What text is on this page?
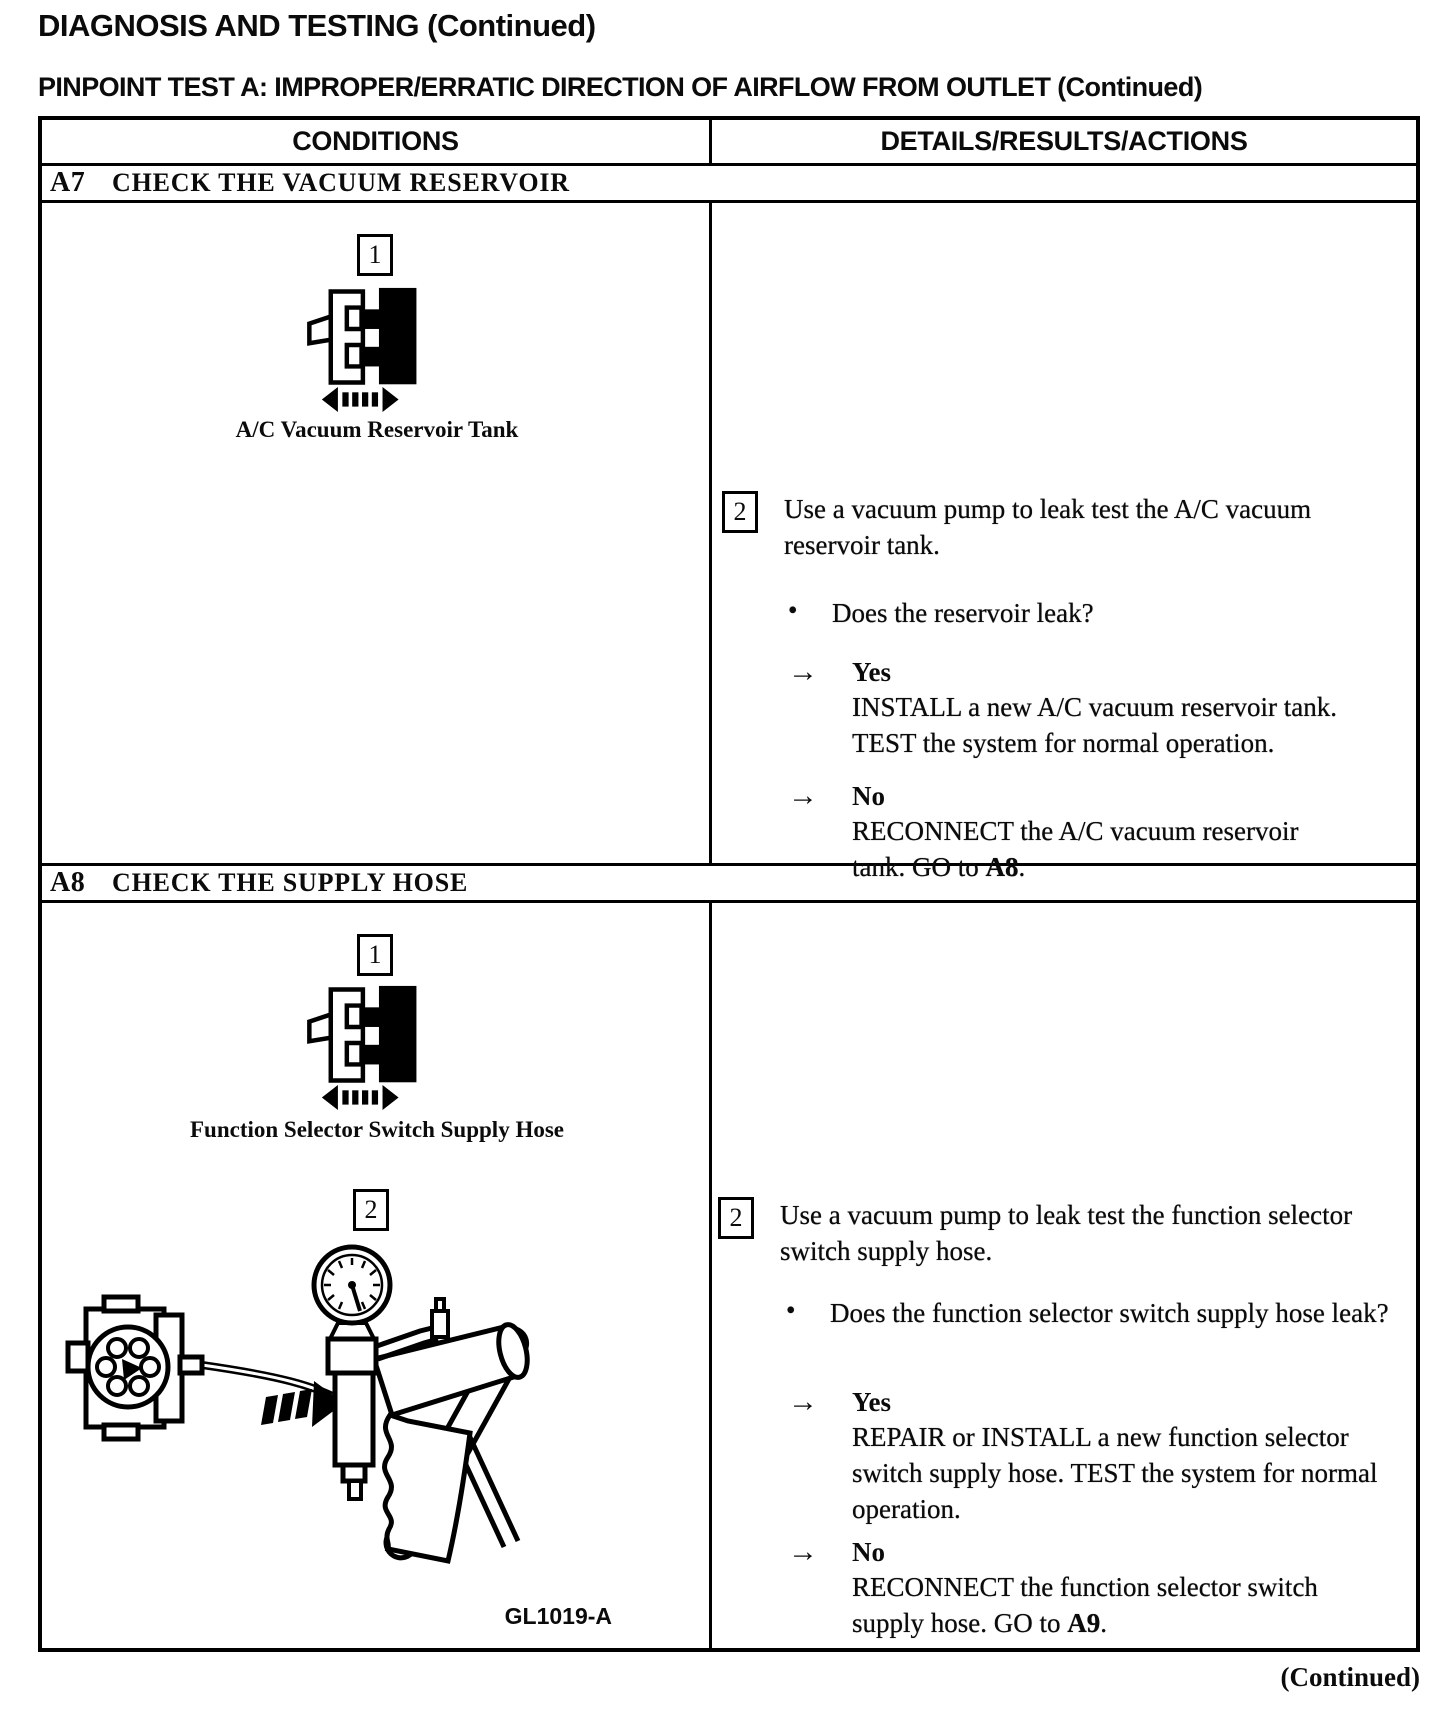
DIAGNOSIS AND TESTING (Continued)
PINPOINT TEST A: IMPROPER/ERRATIC DIRECTION OF AIRFLOW FROM OUTLET (Continued)
CONDITIONS	DETAILS/RESULTS/ACTIONS
A7	CHECK THE VACUUM RESERVOIR
1
A/C Vacuum Reservoir Tank
2 Use a vacuum pump to leak test the A/C vacuum reservoir tank.
•	Does the reservoir leak?
→	Yes
INSTALL a new A/C vacuum reservoir tank. TEST the system for normal operation.
→	No
RECONNECT the A/C vacuum reservoir tank. GO to A8.
A8	CHECK THE SUPPLY HOSE
1
Function Selector Switch Supply Hose
2
GL1019-A
2 Use a vacuum pump to leak test the function selector switch supply hose.
•	Does the function selector switch supply hose leak?
→	Yes
REPAIR or INSTALL a new function selector switch supply hose. TEST the system for normal operation.
→	No
RECONNECT the function selector switch supply hose. GO to A9.
(Continued)
